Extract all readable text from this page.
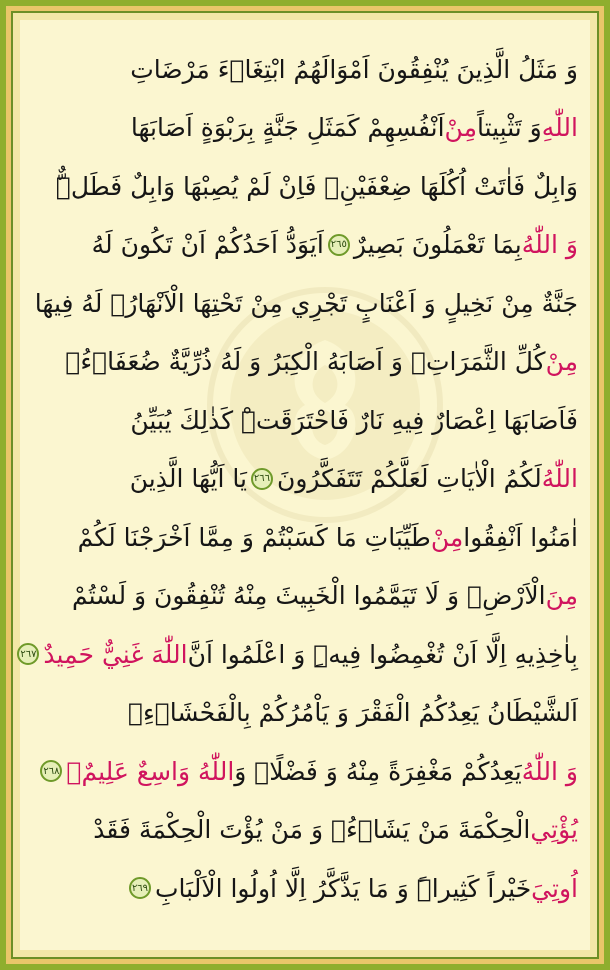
وَ مَثَلُ الَّذِينَ يُنْفِقُونَ اَمْوَالَهُمُ ابْتِغَاۤءَ مَرْضَاتِ
اللّٰهِ
وَ تَثْبِيتاً
مِنْ
اَنْفُسِهِمْ كَمَثَلِ جَنَّةٍ بِرَبْوَةٍ اَصَابَهَا
وَابِلٌ فَاٰتَتْ اُكُلَهَا ضِعْفَيْنِۚ فَاِنْ لَمْ يُصِبْهَا وَابِلٌ فَطَلٌّۜ
وَ اللّٰهُ
بِمَا تَعْمَلُونَ بَصِيرٌ
٢٦٥
اَيَوَدُّ اَحَدُكُمْ اَنْ تَكُونَ لَهُ
جَنَّةٌ مِنْ نَخِيلٍ وَ اَعْنَابٍ تَجْرِي مِنْ تَحْتِهَا الْاَنْهَارُۙ لَهُ فِيهَا
مِنْ
كُلِّ الثَّمَرَاتِۙ وَ اَصَابَهُ الْكِبَرُ وَ لَهُ ذُرِّيَّةٌ ضُعَفَاۤءُۖ
فَاَصَابَهَا اِعْصَارٌ فِيهِ نَارٌ فَاحْتَرَقَتْۜ كَذٰلِكَ يُبَيِّنُ
اللّٰهُ
لَكُمُ الْاٰيَاتِ لَعَلَّكُمْ تَتَفَكَّرُونَ
٢٦٦
يَا اَيُّهَا الَّذِينَ
اٰمَنُوا اَنْفِقُوا
مِنْ
طَيِّبَاتِ مَا كَسَبْتُمْ وَ مِمَّا اَخْرَجْنَا لَكُمْ
مِنَ
الْاَرْضِۖ وَ لَا تَيَمَّمُوا الْخَبِيثَ مِنْهُ تُنْفِقُونَ وَ لَسْتُمْ
بِاٰخِذِيهِ اِلَّا اَنْ تُغْمِضُوا فِيهِۜ وَ اعْلَمُوا اَنَّ
اللّٰهَ غَنِيٌّ حَمِيدٌ
٢٦٧
اَلشَّيْطَانُ يَعِدُكُمُ الْفَقْرَ وَ يَاْمُرُكُمْ بِالْفَحْشَاۤءِۚ
وَ اللّٰهُ
يَعِدُكُمْ مَغْفِرَةً مِنْهُ وَ فَضْلًاۜ وَ
اللّٰهُ وَاسِعٌ عَلِيمٌۚ
٢٦٨
يُؤْتِي
الْحِكْمَةَ مَنْ يَشَاۤءُۚ وَ مَنْ يُؤْتَ الْحِكْمَةَ فَقَدْ
اُوتِيَ
خَيْراً كَثِيراًۜ وَ مَا يَذَّكَّرُ اِلَّا اُولُوا الْاَلْبَابِ
٢٦٩
